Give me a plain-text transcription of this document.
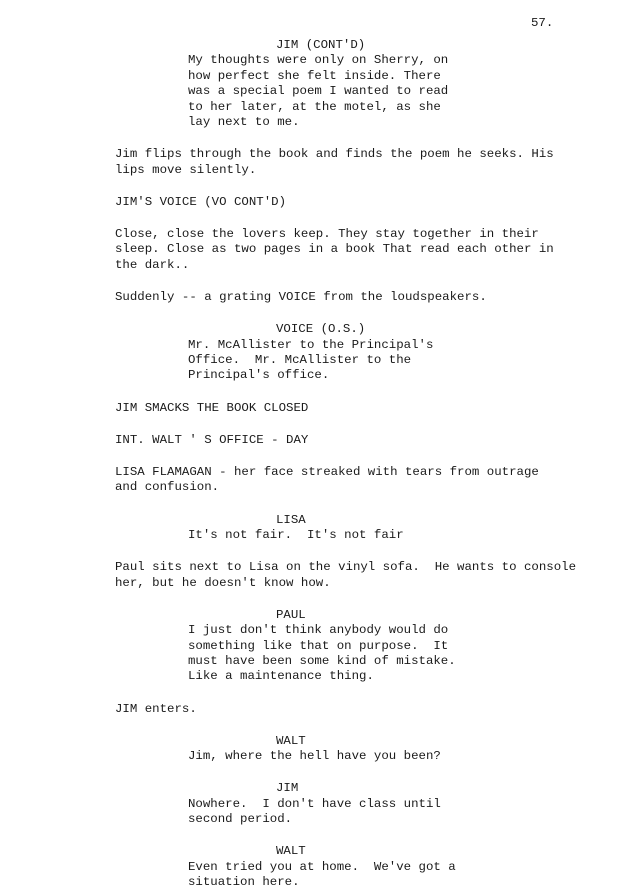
57.
JIM (CONT'D)
My thoughts were only on Sherry, on
how perfect she felt inside. There
was a special poem I wanted to read
to her later, at the motel, as she
lay next to me.
Jim flips through the book and finds the poem he seeks. His
lips move silently.
JIM'S VOICE (VO CONT'D)
Close, close the lovers keep. They stay together in their
sleep. Close as two pages in a book That read each other in
the dark..
Suddenly -- a grating VOICE from the loudspeakers.
VOICE (O.S.)
Mr. McAllister to the Principal's
Office.  Mr. McAllister to the
Principal's office.
JIM SMACKS THE BOOK CLOSED
INT. WALT ' S OFFICE - DAY
LISA FLAMAGAN - her face streaked with tears from outrage
and confusion.
LISA
It's not fair.  It's not fair
Paul sits next to Lisa on the vinyl sofa.  He wants to console
her, but he doesn't know how.
PAUL
I just don't think anybody would do
something like that on purpose.  It
must have been some kind of mistake.
Like a maintenance thing.
JIM enters.
WALT
Jim, where the hell have you been?
JIM
Nowhere.  I don't have class until
second period.
WALT
Even tried you at home.  We've got a
situation here.
